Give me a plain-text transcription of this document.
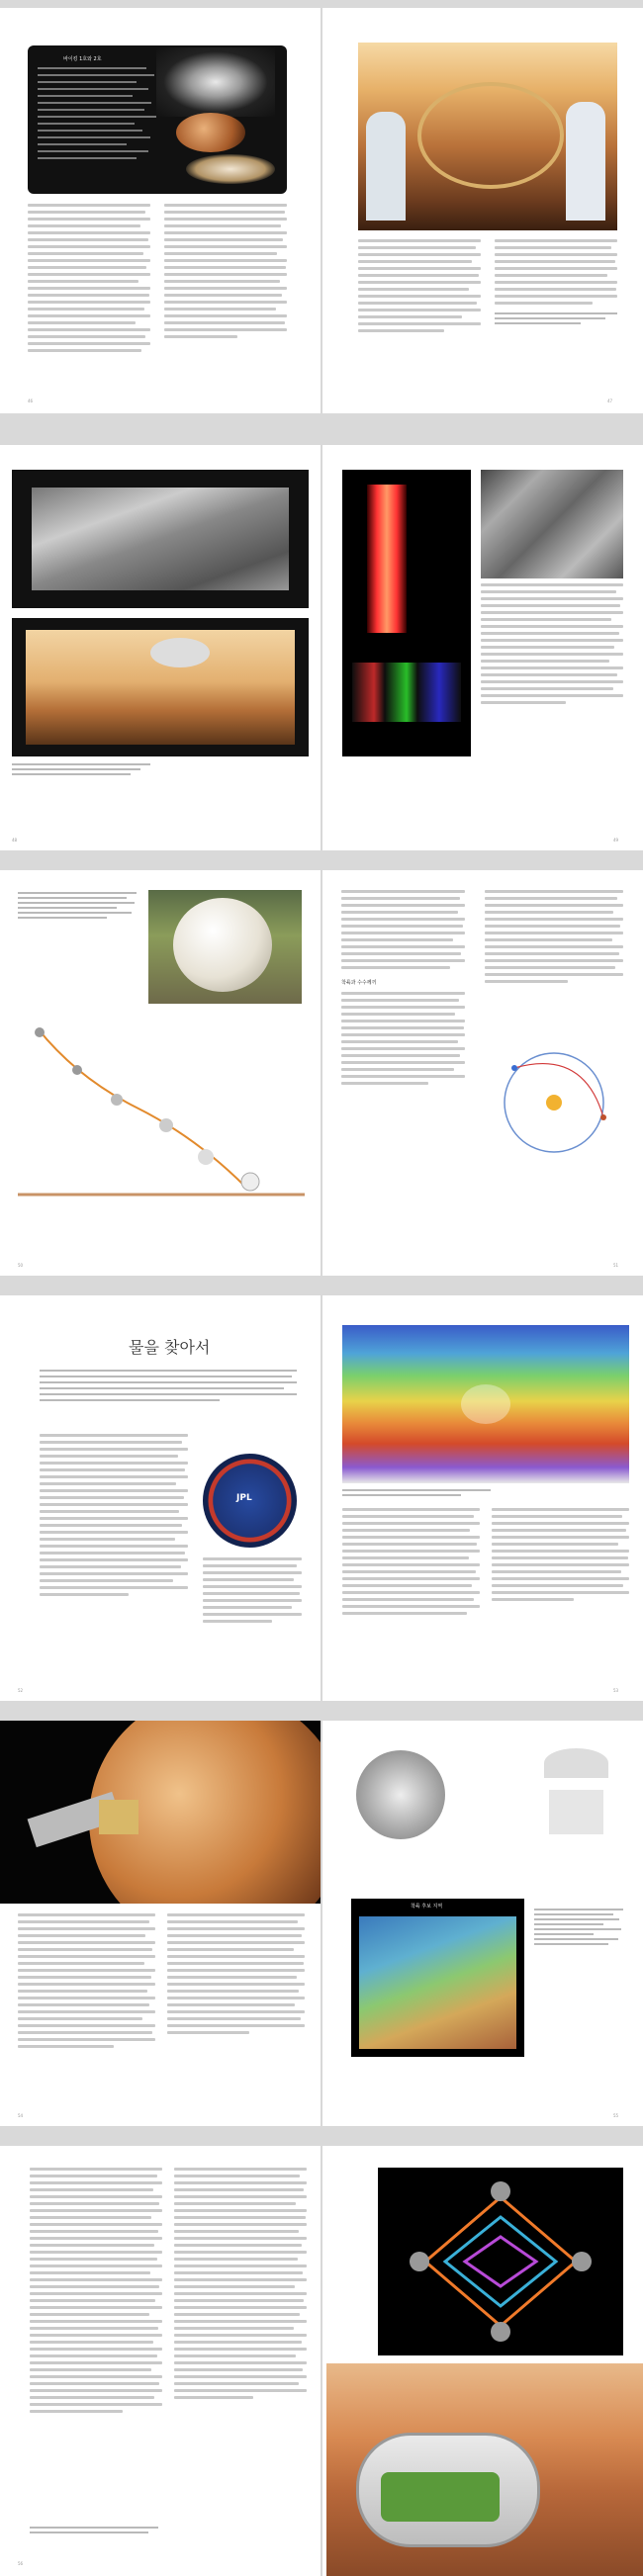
바이킹 1호와 2호
46	47
48	49
착륙과 수수께끼
50	51
물을 찾아서
JPL
52	53
착륙 후보 지역
54	55
56
